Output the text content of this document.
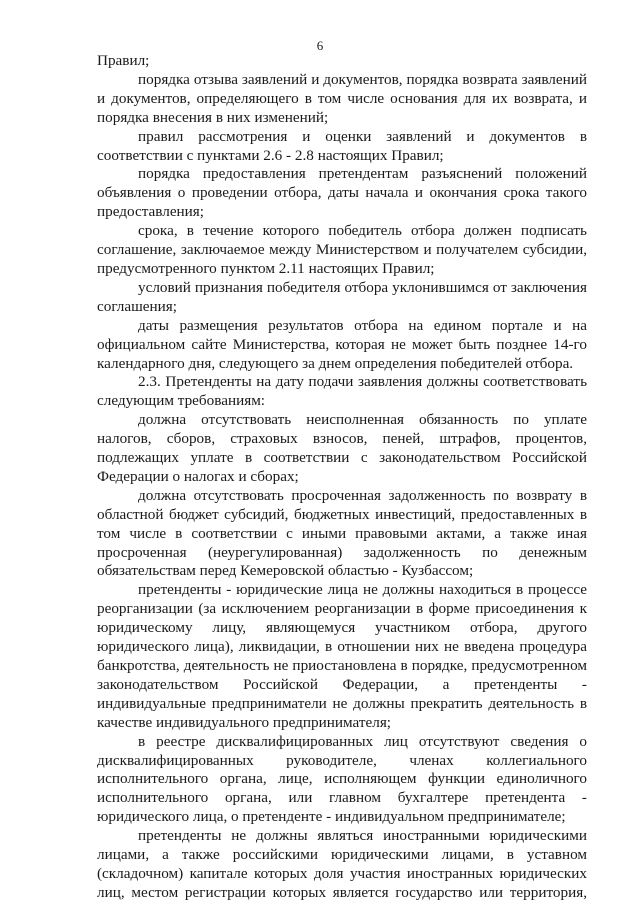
6

Правил;

порядка отзыва заявлений и документов, порядка возврата заявлений и документов, определяющего в том числе основания для их возврата, и порядка внесения в них изменений;

правил рассмотрения и оценки заявлений и документов в соответствии с пунктами 2.6 - 2.8 настоящих Правил;

порядка предоставления претендентам разъяснений положений объявления о проведении отбора, даты начала и окончания срока такого предоставления;

срока, в течение которого победитель отбора должен подписать соглашение, заключаемое между Министерством и получателем субсидии, предусмотренного пунктом 2.11 настоящих Правил;

условий признания победителя отбора уклонившимся от заключения соглашения;

даты размещения результатов отбора на едином портале и на официальном сайте Министерства, которая не может быть позднее 14-го календарного дня, следующего за днем определения победителей отбора.

2.3. Претенденты на дату подачи заявления должны соответствовать следующим требованиям:

должна отсутствовать неисполненная обязанность по уплате налогов, сборов, страховых взносов, пеней, штрафов, процентов, подлежащих уплате в соответствии с законодательством Российской Федерации о налогах и сборах;

должна отсутствовать просроченная задолженность по возврату в областной бюджет субсидий, бюджетных инвестиций, предоставленных в том числе в соответствии с иными правовыми актами, а также иная просроченная (неурегулированная) задолженность по денежным обязательствам перед Кемеровской областью - Кузбассом;

претенденты - юридические лица не должны находиться в процессе реорганизации (за исключением реорганизации в форме присоединения к юридическому лицу, являющемуся участником отбора, другого юридического лица), ликвидации, в отношении них не введена процедура банкротства, деятельность не приостановлена в порядке, предусмотренном законодательством Российской Федерации, а претенденты - индивидуальные предприниматели не должны прекратить деятельность в качестве индивидуального предпринимателя;

в реестре дисквалифицированных лиц отсутствуют сведения о дисквалифицированных руководителе, членах коллегиального исполнительного органа, лице, исполняющем функции единоличного исполнительного органа, или главном бухгалтере претендента - юридического лица, о претенденте - индивидуальном предпринимателе;

претенденты не должны являться иностранными юридическими лицами, а также российскими юридическими лицами, в уставном (складочном) капитале которых доля участия иностранных юридических лиц, местом регистрации которых является государство или территория,
